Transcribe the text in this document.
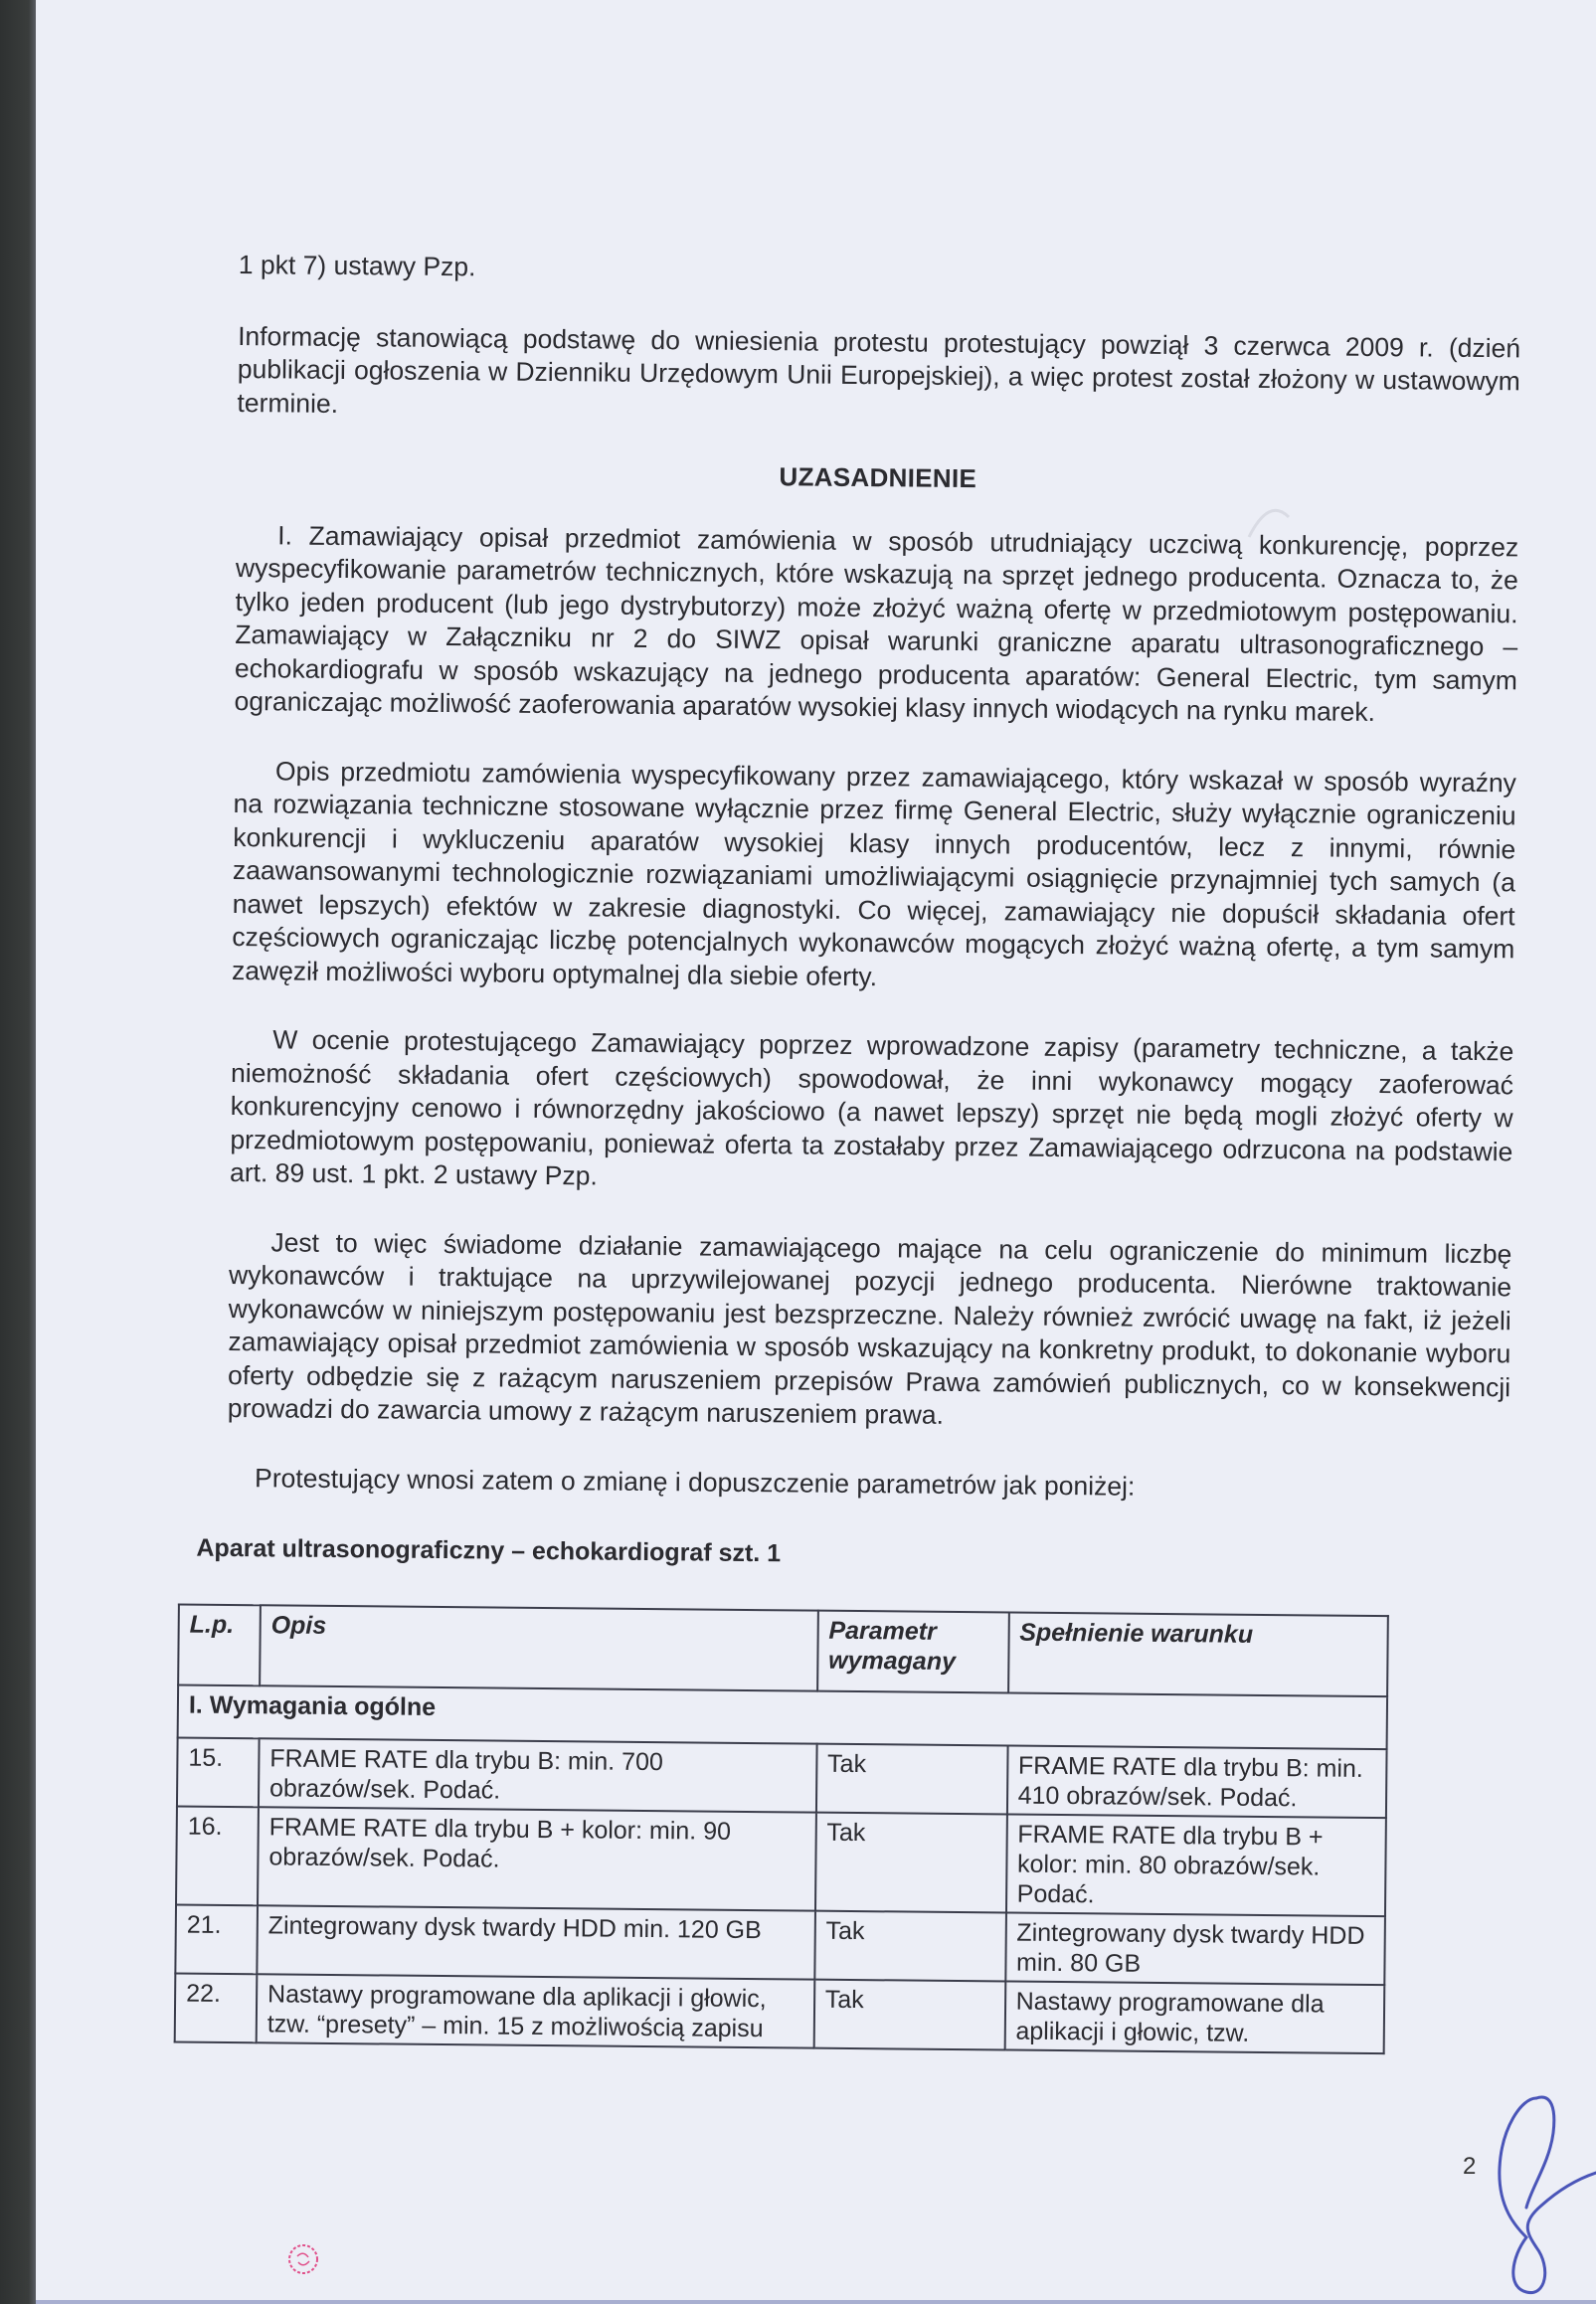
1 pkt 7) ustawy Pzp.

Informację stanowiącą podstawę do wniesienia protestu protestujący powziął 3 czerwca 2009 r. (dzień publikacji ogłoszenia w Dzienniku Urzędowym Unii Europejskiej), a więc protest został złożony w ustawowym terminie.

UZASADNIENIE

I. Zamawiający opisał przedmiot zamówienia w sposób utrudniający uczciwą konkurencję, poprzez wyspecyfikowanie parametrów technicznych, które wskazują na sprzęt jednego producenta. Oznacza to, że tylko jeden producent (lub jego dystrybutorzy) może złożyć ważną ofertę w przedmiotowym postępowaniu. Zamawiający w Załączniku nr 2 do SIWZ opisał warunki graniczne aparatu ultrasonograficznego – echokardiografu w sposób wskazujący na jednego producenta aparatów: General Electric, tym samym ograniczając możliwość zaoferowania aparatów wysokiej klasy innych wiodących na rynku marek.

Opis przedmiotu zamówienia wyspecyfikowany przez zamawiającego, który wskazał w sposób wyraźny na rozwiązania techniczne stosowane wyłącznie przez firmę General Electric, służy wyłącznie ograniczeniu konkurencji i wykluczeniu aparatów wysokiej klasy innych producentów, lecz z innymi, równie zaawansowanymi technologicznie rozwiązaniami umożliwiającymi osiągnięcie przynajmniej tych samych (a nawet lepszych) efektów w zakresie diagnostyki. Co więcej, zamawiający nie dopuścił składania ofert częściowych ograniczając liczbę potencjalnych wykonawców mogących złożyć ważną ofertę, a tym samym zawęził możliwości wyboru optymalnej dla siebie oferty.

W ocenie protestującego Zamawiający poprzez wprowadzone zapisy (parametry techniczne, a także niemożność składania ofert częściowych) spowodował, że inni wykonawcy mogący zaoferować konkurencyjny cenowo i równorzędny jakościowo (a nawet lepszy) sprzęt nie będą mogli złożyć oferty w przedmiotowym postępowaniu, ponieważ oferta ta zostałaby przez Zamawiającego odrzucona na podstawie art. 89 ust. 1 pkt. 2 ustawy Pzp.

Jest to więc świadome działanie zamawiającego mające na celu ograniczenie do minimum liczbę wykonawców i traktujące na uprzywilejowanej pozycji jednego producenta. Nierówne traktowanie wykonawców w niniejszym postępowaniu jest bezsprzeczne. Należy również zwrócić uwagę na fakt, iż jeżeli zamawiający opisał przedmiot zamówienia w sposób wskazujący na konkretny produkt, to dokonanie wyboru oferty odbędzie się z rażącym naruszeniem przepisów Prawa zamówień publicznych, co w konsekwencji prowadzi do zawarcia umowy z rażącym naruszeniem prawa.

Protestujący wnosi zatem o zmianę i dopuszczenie parametrów jak poniżej:

Aparat ultrasonograficzny – echokardiograf szt. 1
L.p.	Opis	Parametr wymagany	Spełnienie warunku
I. Wymagania ogólne			
15.	FRAME RATE dla trybu B: min. 700 obrazów/sek. Podać.	Tak	FRAME RATE dla trybu B: min. 410 obrazów/sek. Podać.
16.	FRAME RATE dla trybu B + kolor: min. 90 obrazów/sek. Podać.	Tak	FRAME RATE dla trybu B + kolor: min. 80 obrazów/sek. Podać.
21.	Zintegrowany dysk twardy HDD min. 120 GB	Tak	Zintegrowany dysk twardy HDD min. 80 GB
22.	Nastawy programowane dla aplikacji i głowic, tzw. “presety” – min. 15 z możliwością zapisu	Tak	Nastawy programowane dla aplikacji i głowic, tzw.
2
